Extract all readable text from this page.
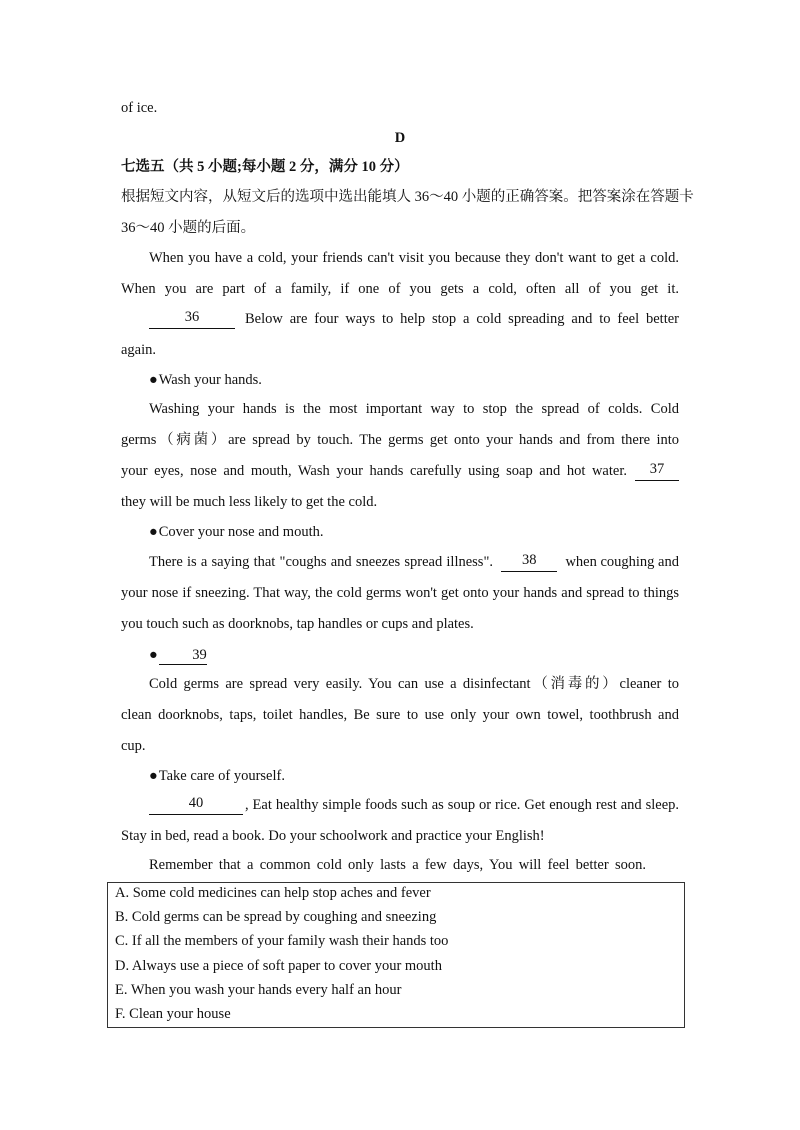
of ice.
D
七选五（共 5 小题;每小题 2 分，满分 10 分）
根据短文内容，从短文后的选项中选出能填人 36～40 小题的正确答案。把答案涂在答题卡
36～40 小题的后面。
When you have a cold, your friends can't visit you because they don't want to get a cold.
When you are part of a family, if one of you gets a cold, often all of you get it.
36	Below are four ways to help stop a cold spreading and to feel better
again.
●Wash your hands.
Washing your hands is the most important way to stop the spread of colds. Cold
germs（病菌）are spread by touch. The germs get onto your hands and from there into
your eyes, nose and mouth, Wash your hands carefully using soap and hot water.	37
they will be much less likely to get the cold.
●Cover your nose and mouth.
There is a saying that "coughs and sneezes spread illness".	38	when coughing and
your nose if sneezing. That way, the cold germs won't get onto your hands and spread to things
you touch such as doorknobs, tap handles or cups and plates.
● 39
Cold germs are spread very easily. You can use a disinfectant（消毒的）cleaner to
clean doorknobs, taps, toilet handles, Be sure to use only your own towel, toothbrush and
cup.
●Take care of yourself.
40	, Eat healthy simple foods such as soup or rice. Get enough rest and sleep.
Stay in bed, read a book. Do your schoolwork and practice your English!
Remember that a common cold only lasts a few days, You will feel better soon.
A. Some cold medicines can help stop aches and fever
B. Cold germs can be spread by coughing and sneezing
C. If all the members of your family wash their hands too
D. Always use a piece of soft paper to cover your mouth
E. When you wash your hands every half an hour
F. Clean your house
